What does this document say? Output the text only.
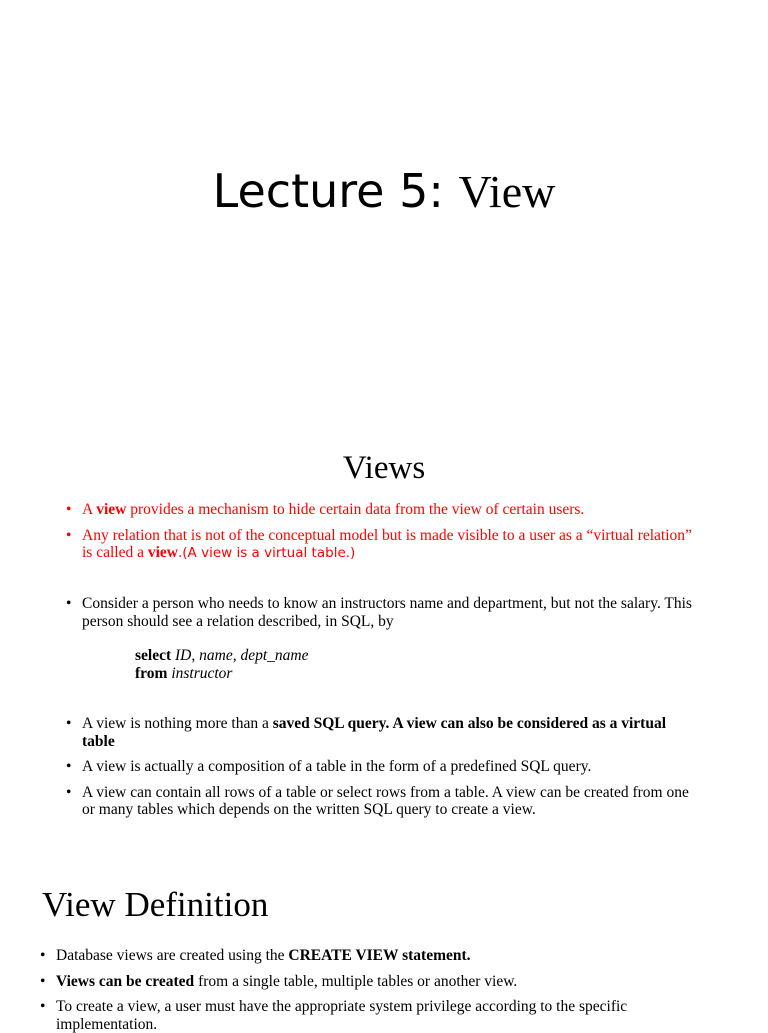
Lecture 5: View
Views
• A view provides a mechanism to hide certain data from the view of certain users.
• Any relation that is not of the conceptual model but is made visible to a user as a “virtual relation” is called a view.(A view is a virtual table.)
• Consider a person who needs to know an instructors name and department, but not the salary. This person should see a relation described, in SQL, by
select ID, name, dept_name
from instructor
• A view is nothing more than a saved SQL query. A view can also be considered as a virtual table
• A view is actually a composition of a table in the form of a predefined SQL query.
• A view can contain all rows of a table or select rows from a table. A view can be created from one or many tables which depends on the written SQL query to create a view.
View Definition
• Database views are created using the CREATE VIEW statement.
• Views can be created from a single table, multiple tables or another view.
• To create a view, a user must have the appropriate system privilege according to the specific implementation.
